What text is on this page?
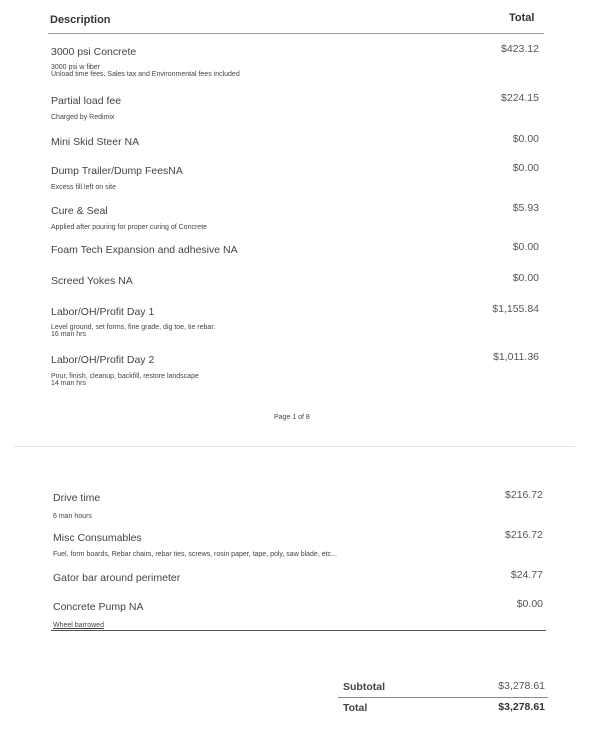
Description	Total
3000 psi Concrete	$423.12
3000 psi w fiber
Unload time fees, Sales tax and Environmental fees included
Partial load fee	$224.15
Charged by Redimix
Mini Skid Steer NA	$0.00
Dump Trailer/Dump FeesNA	$0.00
Excess fill left on site
Cure & Seal	$5.93
Applied after pouring for proper curing of Concrete
Foam Tech Expansion and adhesive NA	$0.00
Screed Yokes NA	$0.00
Labor/OH/Profit Day 1	$1,155.84
Level ground, set forms, fine grade, dig toe, tie rebar.
16 man hrs
Labor/OH/Profit Day 2	$1,011.36
Pour, finish, cleanup, backfill, restore landscape
14 man hrs
Page 1 of 8
Drive time	$216.72
6 man hours
Misc Consumables	$216.72
Fuel, form boards, Rebar chairs, rebar ties, screws, rosin paper, tape, poly, saw blade, etc...
Gator bar around perimeter	$24.77
Concrete Pump NA	$0.00
Wheel barrowed
Subtotal	$3,278.61
Total	$3,278.61
